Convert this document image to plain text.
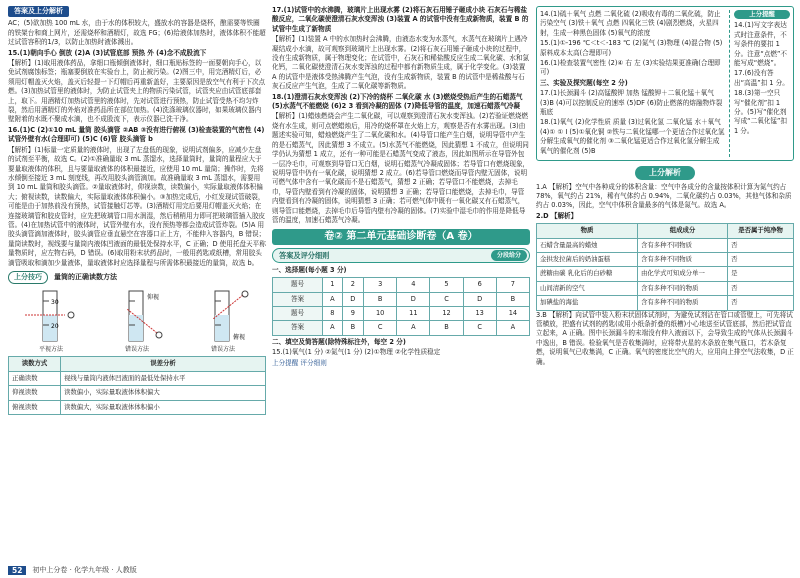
答案及上分解析

AC；(5)欲加热 100 mL 水，由于水的体积较大，盛放水的容器是烧杯，酿需要等铁圈的铁架台和商上网片，还需烧杯和酒精灯，故选 FG；(6)给液体加热时，液体体积不能超过试管容积的1/3，以防止加热时液体溅出。

15.(1)朝向手心 倒放 (2)A (3)试管底部 预热 外 (4)念不成股流下

【解析】(1)取用液体药品，拿细口瓶倾倒液体时，细口瓶贴标签的一面要朝向手心，以免试剂腐蚀标签；瓶塞要倒放在实验台上，防止被污染。(2)图三中，用完酒精灯后，必须用灯帽盖灭火焰，盖灭后轻提一下灯帽后再重新盖好，主要原因是放空气有利于下次点燃。(3)加热试管里的液体时，为防止试管夹上的物质污染试管，试管夹应由试管底部套上，取下。用酒精灯加热试管里的液体时，先对试管进行预热，防止试管受热不均匀炸裂，然后用酒精灯的外焰对准药品所在部位加热。(4)洗涤玻璃仪器时，如果玻璃仪器内壁附着的水既不聚成水滴，也不成股流下，表示仪器已洗干净。

16.(1)C (2)①10 mL 量筒 胶头滴管 ②AB ③没有进行俯视 (3)检查装置的气密性 (4)试管外壁有水(合理即可) (5)C (6)管 胶头滴管 b

【解析】(1)标量一定质量的液体时，出现了左盘低的现象，说明试剂偏多，应减少左盘的试剂至平衡，故选 C。(2)①准确量取 3 mL 蒸馏水，选择量筒时，量筒的量程应大于要量取液体的体积，且与要量取液体的体积最接近，应使用 10 mL 量筒；操作时，先将水倾倒至接近 3 mL 刻度线，再改用胶头滴管滴加。故准确量取 3 mL 蒸馏水，需要用到 10 mL 量筒和胶头滴管。②量取液体时，仰视读数，读数偏小，实际量取液体体积偏大；俯视读数，读数偏大，实际量取液体体积偏小。③加热完成后，小红发现试管破裂，可能是由于加热前没有预热，试管接触灯芯等。(3)酒精灯用完后要用灯帽盖灭火焰；在连接玻璃管和胶皮管时，应先把玻璃管口用水润湿，然后稍稍用力即可把玻璃管插入胶皮管。(4)在加热试管中的液体时，试管外壁有水，没有预热等都会造成试管炸裂。(5)A 用胶头滴管滴加液体时，胶头滴管应垂直悬空在容器口正上方，不能伸入容器内，B 错误；量筒读数时，视线要与量筒内液体凹液面的最低处保持水平，C 正确；D 使用托盘天平称量物质时，应左物右码，D 错误。(6)取用粉末状药品时，一般用药匙或纸槽，常用胶头滴管吸取和滴加少量液体，量取液体时应选择量程与所需体积最接近的量筒，故选 b。

上分技巧	量筒的正确读数方法
30
20
平视方法
仰视
错误方法
俯视
错误方法
读数方式	误差分析
正确读数	视线与量筒内液体凹液面的最低处保持水平
仰视读数	读数偏小，实际量取液体体积偏大
俯视读数	读数偏大，实际量取液体体积偏小

17.(1)试管中的水沸腾，玻璃片上出现水雾 (2)将石灰石用锤子砸成小块 石灰石与稀盐酸反应，二氧化碳使澄清石灰水变浑浊 (3)装置 A 的试管中没有生成新物质，装置 B 的试管中生成了新物质

【解析】(1)装置 A 中的水加热时会沸腾，由液态水变为水蒸气，水蒸气在玻璃片上遇冷凝结成小水滴，故可观察到玻璃片上出现水雾。(2)将石灰石用锤子砸成小块的过程中，没有生成新物质，属于物理变化；在试管中，石灰石和稀盐酸反应生成二氧化碳、水和氯化钙，二氧化碳使澄清石灰水变浑浊的过程中都有新物质生成，属于化学变化。(3)装置 A 的试管中是液体受热沸腾产生气泡，没有生成新物质，装置 B 的试管中是稀盐酸与石灰石反应产生气泡，生成了二氧化碳等新物质。

18.(1)澄清石灰水变浑浊 (2)下冷的烧杯 二氧化碳 水 (3)燃烧受热后产生的石蜡蒸气 (5)水蒸气不能燃烧 (6)2 3 看到冷凝的固体 (7)降低导管的温度，加速石蜡蒸气冷凝

【解析】(1)蜡烛燃烧会产生二氧化碳，可以观察到澄清石灰水变浑浊。(2)若验证燃烧燃烧有水生成，则可点燃蜡烛后，用冷的烧杯罩在火焰上方，观察是否有水雾出现。(3)由题述实验可知，蜡烛燃烧产生了二氧化碳和水。(4)导管口能产生白烟，说明导管中产生的是石蜡蒸气，因此猜想 3 不成立。(5)水蒸气不能燃烧，因此猜想 1 不成立，但说明同学仍认为猜想 1 成立，还有一种可能是石蜡蒸气变成了液态，因此如图所示在导管外包一层冷毛巾，可观察到导管口无白烟，说明石蜡蒸气冷凝成固体；若导管口有燃烧现象，说明导管中仍有一氧化碳，说明猜想 2 成立。(6)若导管口燃烧而导管内壁无固体，说明可燃气体中含有一氧化碳而不是石蜡蒸气，猜想 2 正确；若导管口不能燃烧，去掉毛巾，导管内壁看到有冷凝的固体，说明猜想 3 正确；若导管口能燃烧，去掉毛巾，导管内壁看到有冷凝的固体，说明猜想 3 正确；若可燃气体中既有一氧化碳又有石蜡蒸气，则导管口能燃烧，去掉毛巾后导管内壁有冷凝的固体。(7)实验中湿毛巾的作用是降低导管的温度，加速石蜡蒸气冷凝。

卷② 第二单元基础诊断卷（A 卷）
答案及评分细则	分段给分

一、选择题(每小题 3 分)

题号	1	2	3	4	5	6	7
答案	A	D	B	D	C	D	B
题号	8	9	10	11	12	13	14
答案	A	B	C	A	B	C	A

二、填空及简答题(除特殊标注外，每空 2 分)

15.(1)氧气(1 分) ②氮气(1 分) (2)①物理 ②化学性质稳定

上分提醒 评分细则

14.(1)硫＋氧气 点燃 二氧化硫 (2)吸收有毒的二氧化硫，防止污染空气 (3)铁＋氧气 点燃 四氧化三铁 (4)剧烈燃烧，火星四射，生成一种黑色固体 (5)氧气的浓度

15.(1)①-196 ℃＜t＜-183 ℃ (2)氮气 (3)物理 (4)混合物 (5)原料成本太高(合理即可)

16.(1)检查装置气密性 (2)④ 右 左 (3)实验结果更准确(合理即可)

三、实验及探究题(每空 2 分)

17.(1)长颈漏斗 (2)高锰酸钾 加热 锰酸钾＋二氧化锰＋氧气 (3)B (4)可以控制反应的速率 (5)DF (6)防止燃落的熔融物炸裂瓶底

18.(1)氧气 (2)化学性质 质量 (3)过氧化氢 二氧化锰 水＋氧气 (4)① ① I (5)①氧化铜 ②铁与二氧化锰哪一个更适合作过氧化氢分解生成氧气的催化剂 ③二氧化锰更适合作过氧化氢分解生成氧气的催化剂 (5)B

上分提醒

14.(1)写文字表达式时注意条件，不写条件的要扣 1 分。注意“点燃”不能写成“燃烧”。

17.(6)没有答出“高温”扣 1 分。

18.(3)第一空只写“催化剂”扣 1 分。(5)写“催化剂写成“二氧化锰”扣 1 分。

上分解析

1.A 【解析】空气中各种成分的体积含量：空气中各成分的含量按体积计算为氮气约占 78%，氧气约占 21%，稀有气体约占 0.94%，二氧化碳约占 0.03%，其他气体和杂质约占 0.03%，因此，空气中体积含量最多的气体是氮气。故选 A。

2.D 【解析】

物质	组成成分	是否属于纯净物
石蜡含量最高的蜡烛	含有多种不同物质	否
金拱发拉菌后的奶油蛋糕	含有多种不同物质	否
蔗糖由碳 乳化后的白砂糖	由化学式可知成分单一	是
山间清新的空气	含有多种不同的物质	否
加碘盐的海盐	含有多种不同的物质	否

3.B 【解析】向试管中装入粉末状固体试剂时，为避免试剂沾在管口或管壁上，可先将试管横放，把盛有试剂的药匙(或用小纸条折叠的纸槽)小心地送至试管底部，然后把试管直立起来，A 正确。图中长颈漏斗的末端没有伸入液面以下，会导致生成的气体从长颈漏斗中逸出，B 错误。检验氧气是否收集满时，应将带火星的木条放在集气瓶口，若木条复燃，说明氧气已收集满，C 正确。氧气的密度比空气的大，应用向上排空气法收集，D 正确。

52	初中上分卷 · 化学九年级 · 人教版
